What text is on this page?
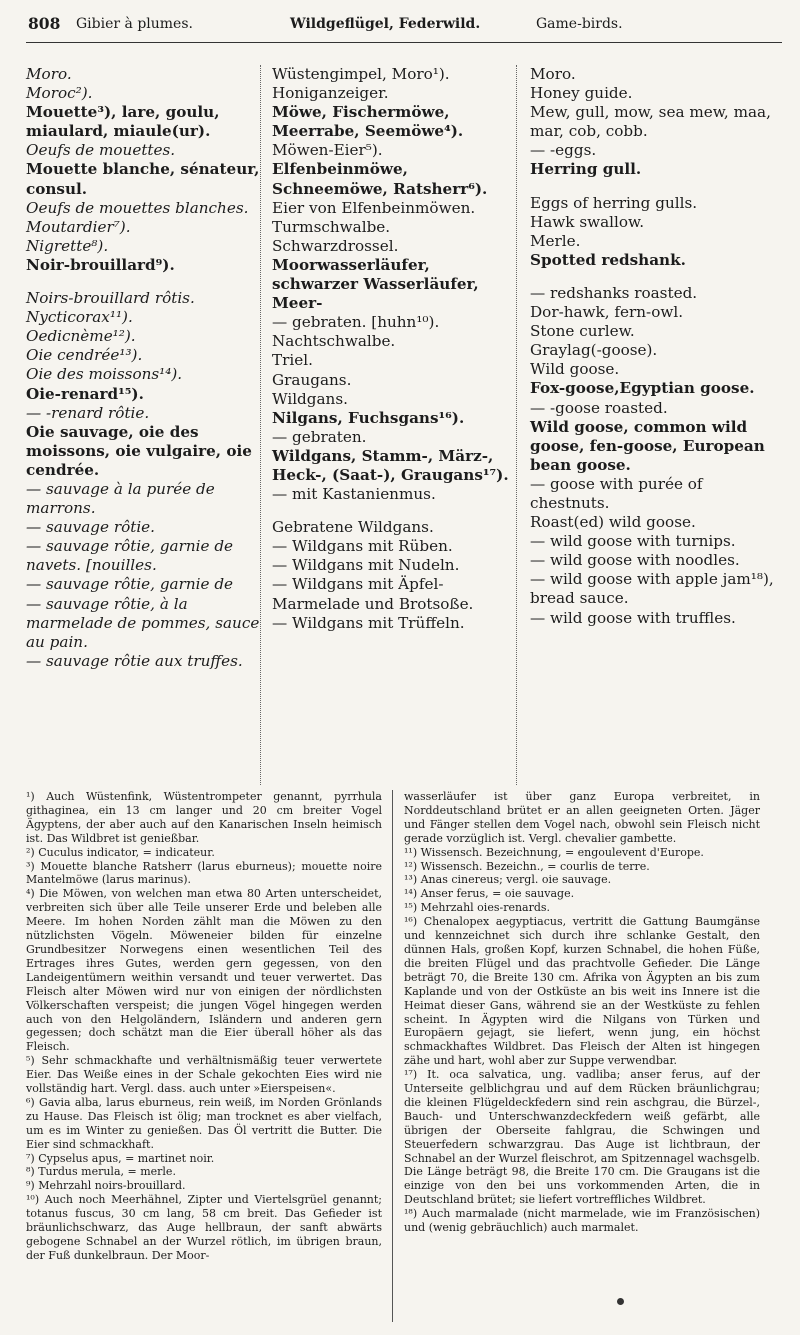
808 Gibier à plumes.	Wildgeflügel, Federwild.	Game-birds.

Moro.

Moroc²).

Mouette³), lare, goulu, miaulard, miaule(ur).

Oeufs de mouettes.

Mouette blanche, sénateur, consul.

Oeufs de mouettes blanches.

Moutardier⁷).

Nigrette⁸).

Noir-brouillard⁹).

Noirs-brouillard rôtis.

Nycticorax¹¹).

Oedicnème¹²).

Oie cendrée¹³).

Oie des moissons¹⁴).

Oie-renard¹⁵).

— -renard rôtie.

Oie sauvage, oie des moissons, oie vulgaire, oie cendrée.

— sauvage à la purée de marrons.

— sauvage rôtie.

— sauvage rôtie, garnie de navets. [nouilles.

— sauvage rôtie, garnie de

— sauvage rôtie, à la marmelade de pommes, sauce au pain.

— sauvage rôtie aux truffes.

Wüstengimpel, Moro¹).

Honiganzeiger.

Möwe, Fischermöwe, Meerrabe, Seemöwe⁴).

Möwen-Eier⁵).

Elfenbeinmöwe, Schneemöwe, Ratsherr⁶).

Eier von Elfenbeinmöwen.

Turmschwalbe.

Schwarzdrossel.

Moorwasserläufer, schwarzer Wasserläufer, Meer-

— gebraten. [huhn¹⁰).

Nachtschwalbe.

Triel.

Graugans.

Wildgans.

Nilgans, Fuchsgans¹⁶).

— gebraten.

Wildgans, Stamm-, März-, Heck-, (Saat-), Graugans¹⁷).

— mit Kastanienmus.

Gebratene Wildgans.

— Wildgans mit Rüben.

— Wildgans mit Nudeln.

— Wildgans mit Äpfel-Marmelade und Brotsoße.

— Wildgans mit Trüffeln.

Moro.

Honey guide.

Mew, gull, mow, sea mew, maa, mar, cob, cobb.

— -eggs.

Herring gull.

Eggs of herring gulls.

Hawk swallow.

Merle.

Spotted redshank.

— redshanks roasted.

Dor-hawk, fern-owl.

Stone curlew.

Graylag(-goose).

Wild goose.

Fox-goose,Egyptian goose.

— -goose roasted.

Wild goose, common wild goose, fen-goose, European bean goose.

— goose with purée of chestnuts.

Roast(ed) wild goose.

— wild goose with turnips.

— wild goose with noodles.

— wild goose with apple jam¹⁸), bread sauce.

— wild goose with truffles.

¹) Auch Wüstenfink, Wüstentrompeter genannt, pyrrhula githaginea, ein 13 cm langer und 20 cm breiter Vogel Ägyptens, der aber auch auf den Kanarischen Inseln heimisch ist. Das Wildbret ist genießbar.

²) Cuculus indicator, = indicateur.

³) Mouette blanche Ratsherr (larus eburneus); mouette noire Mantelmöwe (larus marinus).

⁴) Die Möwen, von welchen man etwa 80 Arten unterscheidet, verbreiten sich über alle Teile unserer Erde und beleben alle Meere. Im hohen Norden zählt man die Möwen zu den nützlichsten Vögeln. Möweneier bilden für einzelne Grundbesitzer Norwegens einen wesentlichen Teil des Ertrages ihres Gutes, werden gern gegessen, von den Landeigentümern weithin versandt und teuer verwertet. Das Fleisch alter Möwen wird nur von einigen der nördlichsten Völkerschaften verspeist; die jungen Vögel hingegen werden auch von den Helgoländern, Isländern und anderen gern gegessen; doch schätzt man die Eier überall höher als das Fleisch.

⁵) Sehr schmackhafte und verhältnismäßig teuer verwertete Eier. Das Weiße eines in der Schale gekochten Eies wird nie vollständig hart. Vergl. dass. auch unter »Eierspeisen«.

⁶) Gavia alba, larus eburneus, rein weiß, im Norden Grönlands zu Hause. Das Fleisch ist ölig; man trocknet es aber vielfach, um es im Winter zu genießen. Das Öl vertritt die Butter. Die Eier sind schmackhaft.

⁷) Cypselus apus, = martinet noir.

⁸) Turdus merula, = merle.

⁹) Mehrzahl noirs-brouillard.

¹⁰) Auch noch Meerhähnel, Zipter und Viertelsgrüel genannt; totanus fuscus, 30 cm lang, 58 cm breit. Das Gefieder ist bräunlichschwarz, das Auge hellbraun, der sanft abwärts gebogene Schnabel an der Wurzel rötlich, im übrigen braun, der Fuß dunkelbraun. Der Moor-

wasserläufer ist über ganz Europa verbreitet, in Norddeutschland brütet er an allen geeigneten Orten. Jäger und Fänger stellen dem Vogel nach, obwohl sein Fleisch nicht gerade vorzüglich ist. Vergl. chevalier gambette.

¹¹) Wissensch. Bezeichnung, = engoulevent d'Europe.

¹²) Wissensch. Bezeichn., = courlis de terre.

¹³) Anas cinereus; vergl. oie sauvage.

¹⁴) Anser ferus, = oie sauvage.

¹⁵) Mehrzahl oies-renards.

¹⁶) Chenalopex aegyptiacus, vertritt die Gattung Baumgänse und kennzeichnet sich durch ihre schlanke Gestalt, den dünnen Hals, großen Kopf, kurzen Schnabel, die hohen Füße, die breiten Flügel und das prachtvolle Gefieder. Die Länge beträgt 70, die Breite 130 cm. Afrika von Ägypten an bis zum Kaplande und von der Ostküste an bis weit ins Innere ist die Heimat dieser Gans, während sie an der Westküste zu fehlen scheint. In Ägypten wird die Nilgans von Türken und Europäern gejagt, sie liefert, wenn jung, ein höchst schmackhaftes Wildbret. Das Fleisch der Alten ist hingegen zähe und hart, wohl aber zur Suppe verwendbar.

¹⁷) It. oca salvatica, ung. vadliba; anser ferus, auf der Unterseite gelblichgrau und auf dem Rücken bräunlichgrau; die kleinen Flügeldeckfedern sind rein aschgrau, die Bürzel-, Bauch- und Unterschwanzdeckfedern weiß gefärbt, alle übrigen der Oberseite fahlgrau, die Schwingen und Steuerfedern schwarzgrau. Das Auge ist lichtbraun, der Schnabel an der Wurzel fleischrot, am Spitzennagel wachsgelb. Die Länge beträgt 98, die Breite 170 cm. Die Graugans ist die einzige von den bei uns vorkommenden Arten, die in Deutschland brütet; sie liefert vortreffliches Wildbret.

¹⁸) Auch marmalade (nicht marmelade, wie im Französischen) und (wenig gebräuchlich) auch marmalet.
